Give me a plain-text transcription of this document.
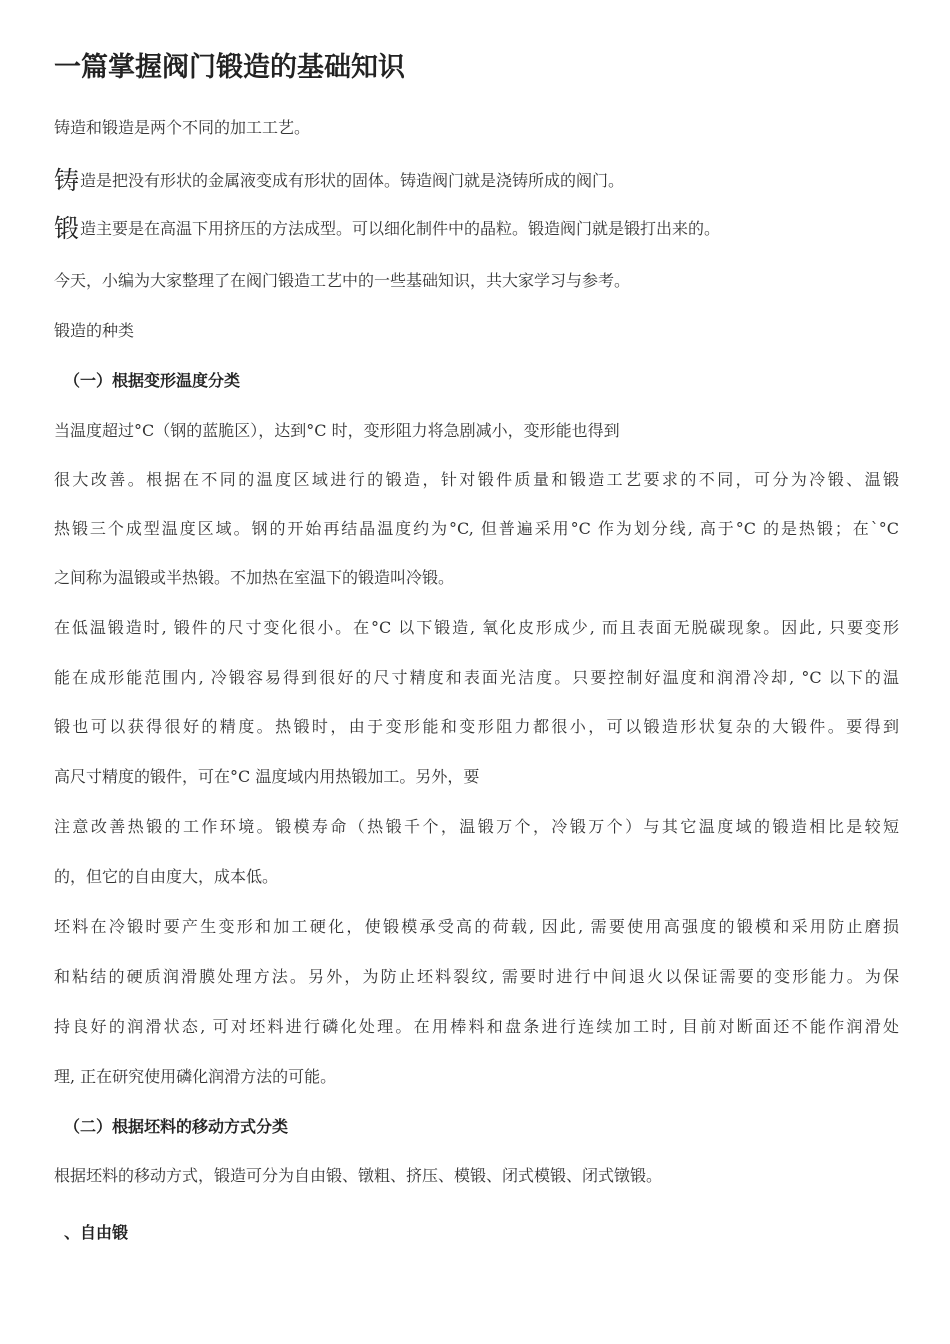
一篇掌握阀门锻造的基础知识

铸造和锻造是两个不同的加工工艺。

铸造是把没有形状的金属液变成有形状的固体。铸造阀门就是浇铸所成的阀门。

锻造主要是在高温下用挤压的方法成型。可以细化制件中的晶粒。锻造阀门就是锻打出来的。

今天，小编为大家整理了在阀门锻造工艺中的一些基础知识，共大家学习与参考。

锻造的种类

（一）根据变形温度分类

当温度超过°C（钢的蓝脆区），达到°C 时，变形阻力将急剧减小，变形能也得到

很大改善。根据在不同的温度区域进行的锻造，针对锻件质量和锻造工艺要求的不同，可分为冷锻、温锻

热锻三个成型温度区域。钢的开始再结晶温度约为°C, 但普遍采用°C 作为划分线, 高于°C 的是热锻；在`°C

之间称为温锻或半热锻。不加热在室温下的锻造叫冷锻。

在低温锻造时, 锻件的尺寸变化很小。在°C 以下锻造, 氧化皮形成少, 而且表面无脱碳现象。因此, 只要变形

能在成形能范围内, 冷锻容易得到很好的尺寸精度和表面光洁度。只要控制好温度和润滑冷却, °C 以下的温

锻也可以获得很好的精度。热锻时，由于变形能和变形阻力都很小，可以锻造形状复杂的大锻件。要得到

高尺寸精度的锻件，可在°C 温度域内用热锻加工。另外，要

注意改善热锻的工作环境。锻模寿命（热锻千个，温锻万个，冷锻万个）与其它温度域的锻造相比是较短

的，但它的自由度大，成本低。

坯料在冷锻时要产生变形和加工硬化，使锻模承受高的荷载, 因此, 需要使用高强度的锻模和采用防止磨损

和粘结的硬质润滑膜处理方法。另外，为防止坯料裂纹, 需要时进行中间退火以保证需要的变形能力。为保

持良好的润滑状态, 可对坯料进行磷化处理。在用棒料和盘条进行连续加工时, 目前对断面还不能作润滑处

理, 正在研究使用磷化润滑方法的可能。

（二）根据坯料的移动方式分类

根据坯料的移动方式，锻造可分为自由锻、镦粗、挤压、模锻、闭式模锻、闭式镦锻。

、自由锻
